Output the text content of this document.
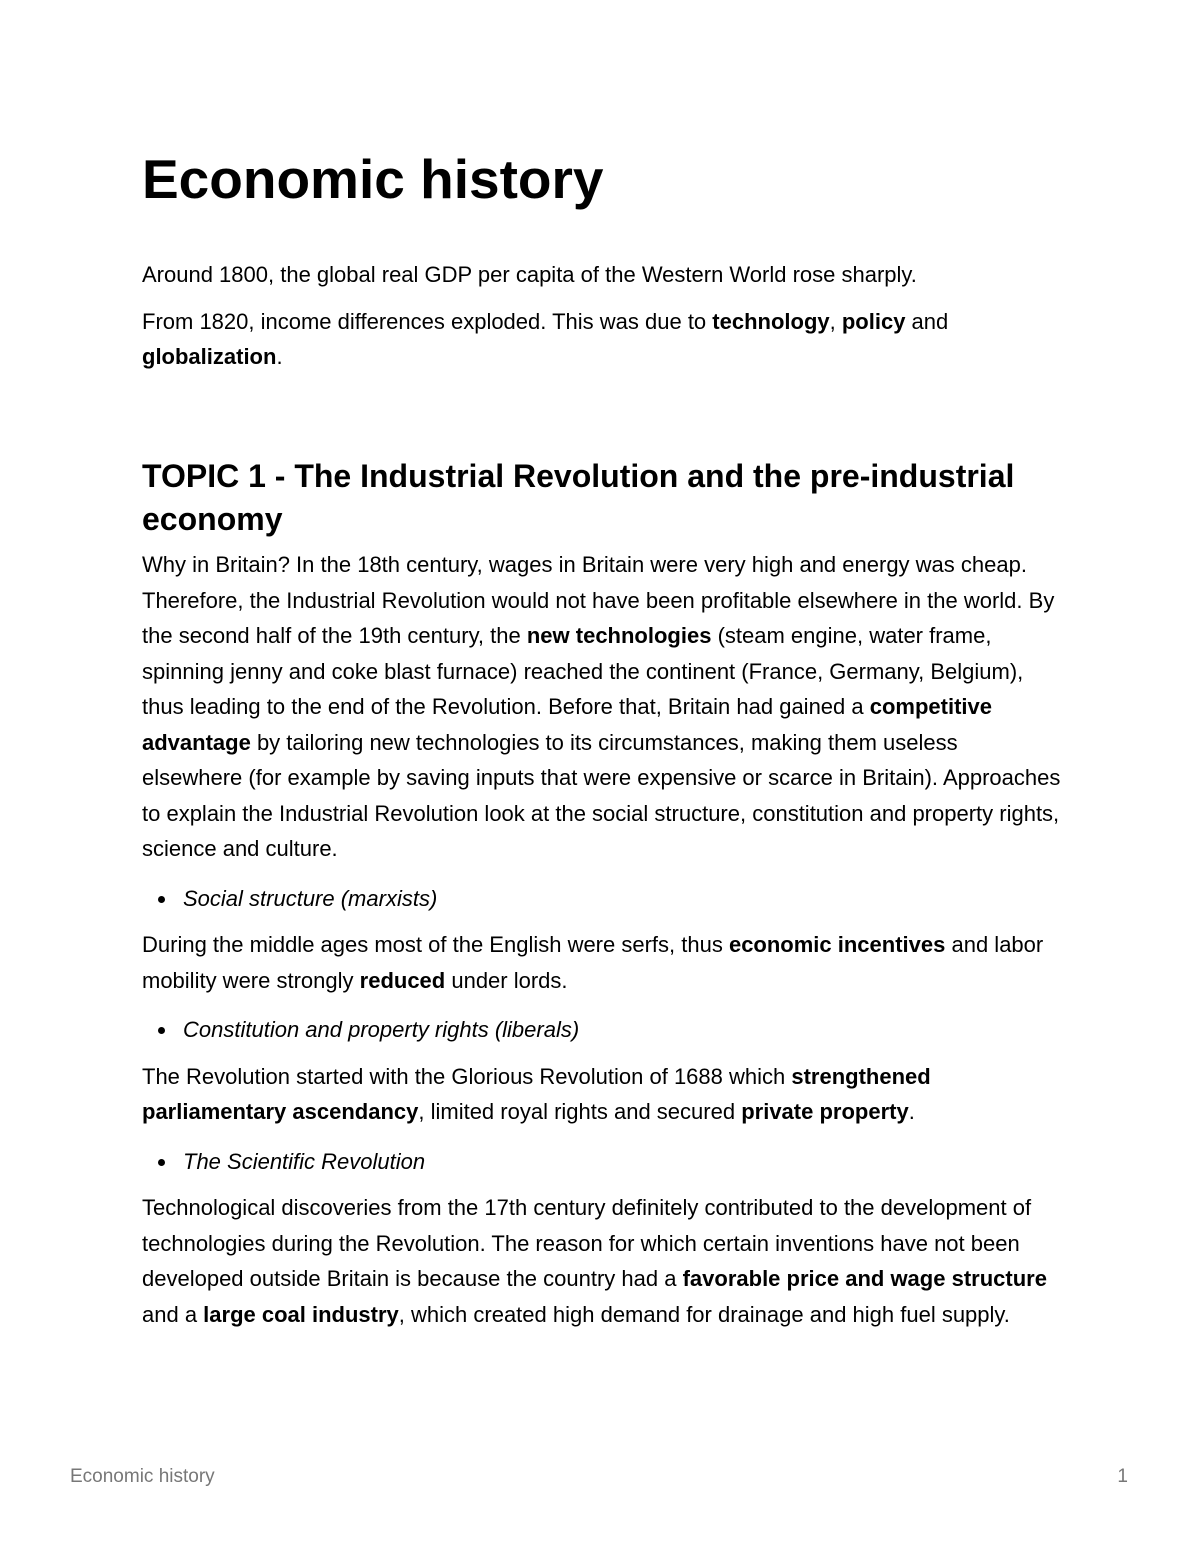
Economic history

Around 1800, the global real GDP per capita of the Western World rose sharply.

From 1820, income differences exploded. This was due to technology, policy and globalization.

TOPIC 1 - The Industrial Revolution and the pre-industrial economy

Why in Britain? In the 18th century, wages in Britain were very high and energy was cheap. Therefore, the Industrial Revolution would not have been profitable elsewhere in the world. By the second half of the 19th century, the new technologies (steam engine, water frame, spinning jenny and coke blast furnace) reached the continent (France, Germany, Belgium), thus leading to the end of the Revolution. Before that, Britain had gained a competitive advantage by tailoring new technologies to its circumstances, making them useless elsewhere (for example by saving inputs that were expensive or scarce in Britain). Approaches to explain the Industrial Revolution look at the social structure, constitution and property rights, science and culture.

Social structure (marxists)

During the middle ages most of the English were serfs, thus economic incentives and labor mobility were strongly reduced under lords.

Constitution and property rights (liberals)

The Revolution started with the Glorious Revolution of 1688 which strengthened parliamentary ascendancy, limited royal rights and secured private property.

The Scientific Revolution

Technological discoveries from the 17th century definitely contributed to the development of technologies during the Revolution. The reason for which certain inventions have not been developed outside Britain is because the country had a favorable price and wage structure and a large coal industry, which created high demand for drainage and high fuel supply.

Economic history	1
